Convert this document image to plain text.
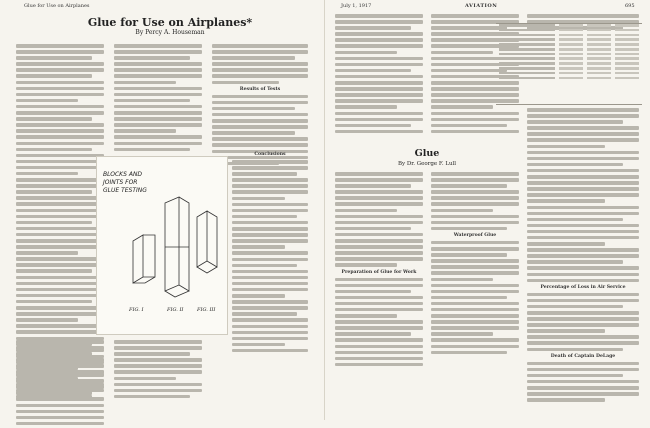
Glue for Use on Airplanes
Glue for Use on Airplanes*
By Percy A. Houseman
Results of Tests
BLOCKS AND JOINTS FOR GLUE TESTING
FIG. I	FIG. II	FIG. III
Conclusions
July 1, 1917	AVIATION	695
Glue
By Dr. George F. Lull
Preparation of Glue for Work
Waterproof Glue
Percentage of Loss in Air Service
Death of Captain DeLage
